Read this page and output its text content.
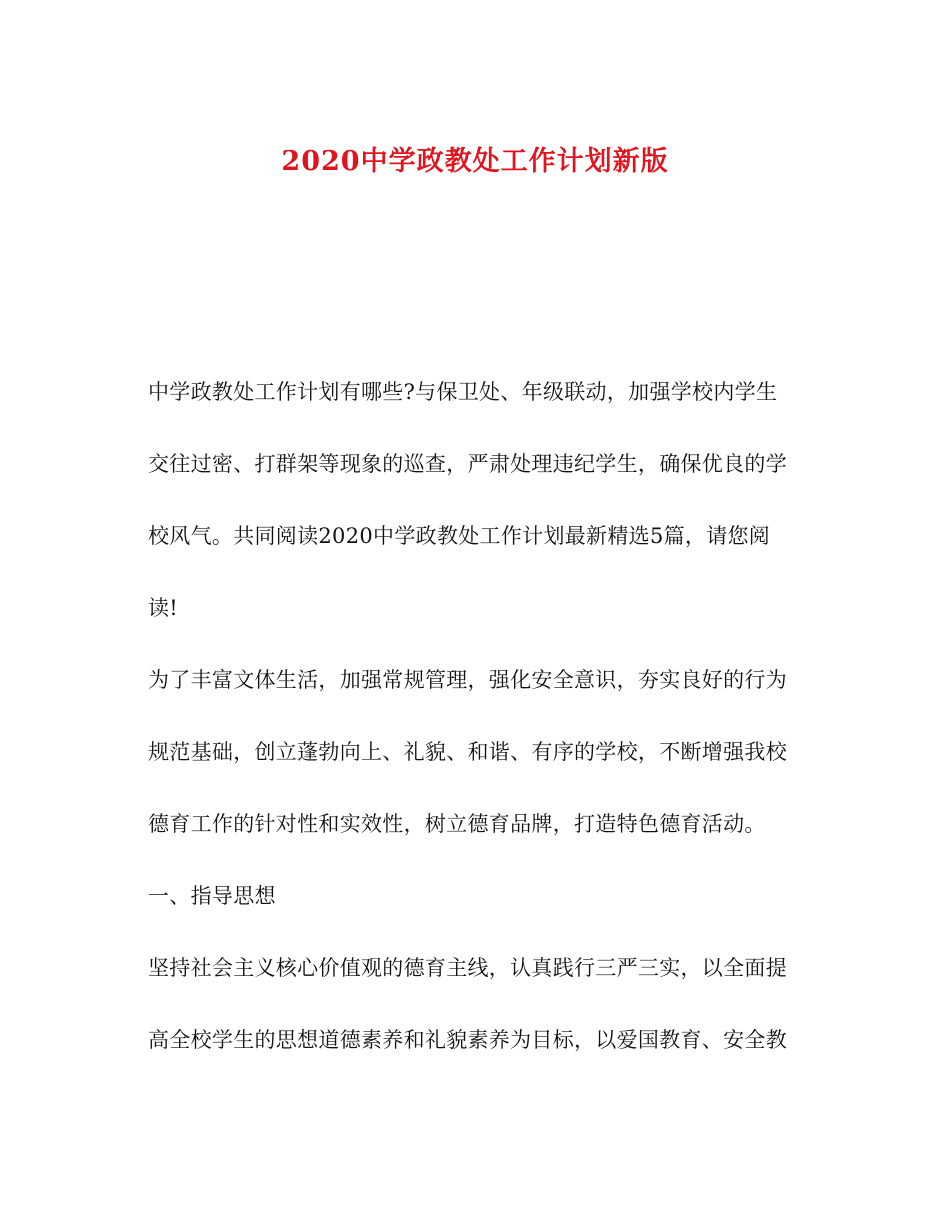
2020中学政教处工作计划新版
中学政教处工作计划有哪些?与保卫处、年级联动，加强学校内学生
交往过密、打群架等现象的巡查，严肃处理违纪学生，确保优良的学
校风气。共同阅读2020中学政教处工作计划最新精选5篇，请您阅
读!
为了丰富文体生活，加强常规管理，强化安全意识，夯实良好的行为
规范基础，创立蓬勃向上、礼貌、和谐、有序的学校，不断增强我校
德育工作的针对性和实效性，树立德育品牌，打造特色德育活动。
一、指导思想
坚持社会主义核心价值观的德育主线，认真践行三严三实，以全面提
高全校学生的思想道德素养和礼貌素养为目标，以爱国教育、安全教
